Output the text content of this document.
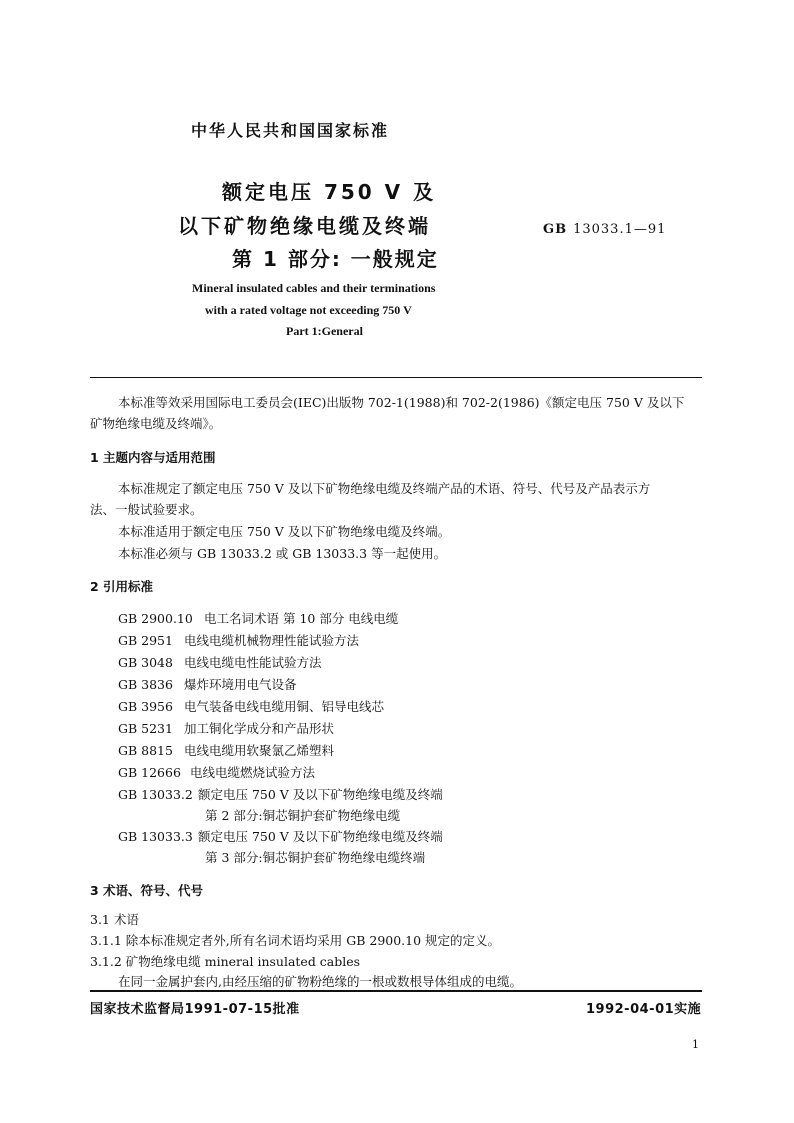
中华人民共和国国家标准
额定电压 750 V 及
以下矿物绝缘电缆及终端
第 1 部分: 一般规定
GB 13033.1—91
Mineral insulated cables and their terminations
with a rated voltage not exceeding 750 V
Part 1:General
本标准等效采用国际电工委员会(IEC)出版物 702-1(1988)和 702-2(1986)《额定电压 750 V 及以下
矿物绝缘电缆及终端》。
1 主题内容与适用范围
本标准规定了额定电压 750 V 及以下矿物绝缘电缆及终端产品的术语、符号、代号及产品表示方
法、一般试验要求。
本标准适用于额定电压 750 V 及以下矿物绝缘电缆及终端。
本标准必须与 GB 13033.2 或 GB 13033.3 等一起使用。
2 引用标准
GB 2900.10 电工名词术语 第 10 部分 电线电缆
GB 2951 电线电缆机械物理性能试验方法
GB 3048 电线电缆电性能试验方法
GB 3836 爆炸环境用电气设备
GB 3956 电气装备电线电缆用铜、铝导电线芯
GB 5231 加工铜化学成分和产品形状
GB 8815 电线电缆用软聚氯乙烯塑料
GB 12666 电线电缆燃烧试验方法
GB 13033.2 额定电压 750 V 及以下矿物绝缘电缆及终端
第 2 部分:铜芯铜护套矿物绝缘电缆
GB 13033.3 额定电压 750 V 及以下矿物绝缘电缆及终端
第 3 部分:铜芯铜护套矿物绝缘电缆终端
3 术语、符号、代号
3.1 术语
3.1.1 除本标准规定者外,所有名词术语均采用 GB 2900.10 规定的定义。
3.1.2 矿物绝缘电缆 mineral insulated cables
在同一金属护套内,由经压缩的矿物粉绝缘的一根或数根导体组成的电缆。
国家技术监督局1991-07-15批准	1992-04-01实施
1
